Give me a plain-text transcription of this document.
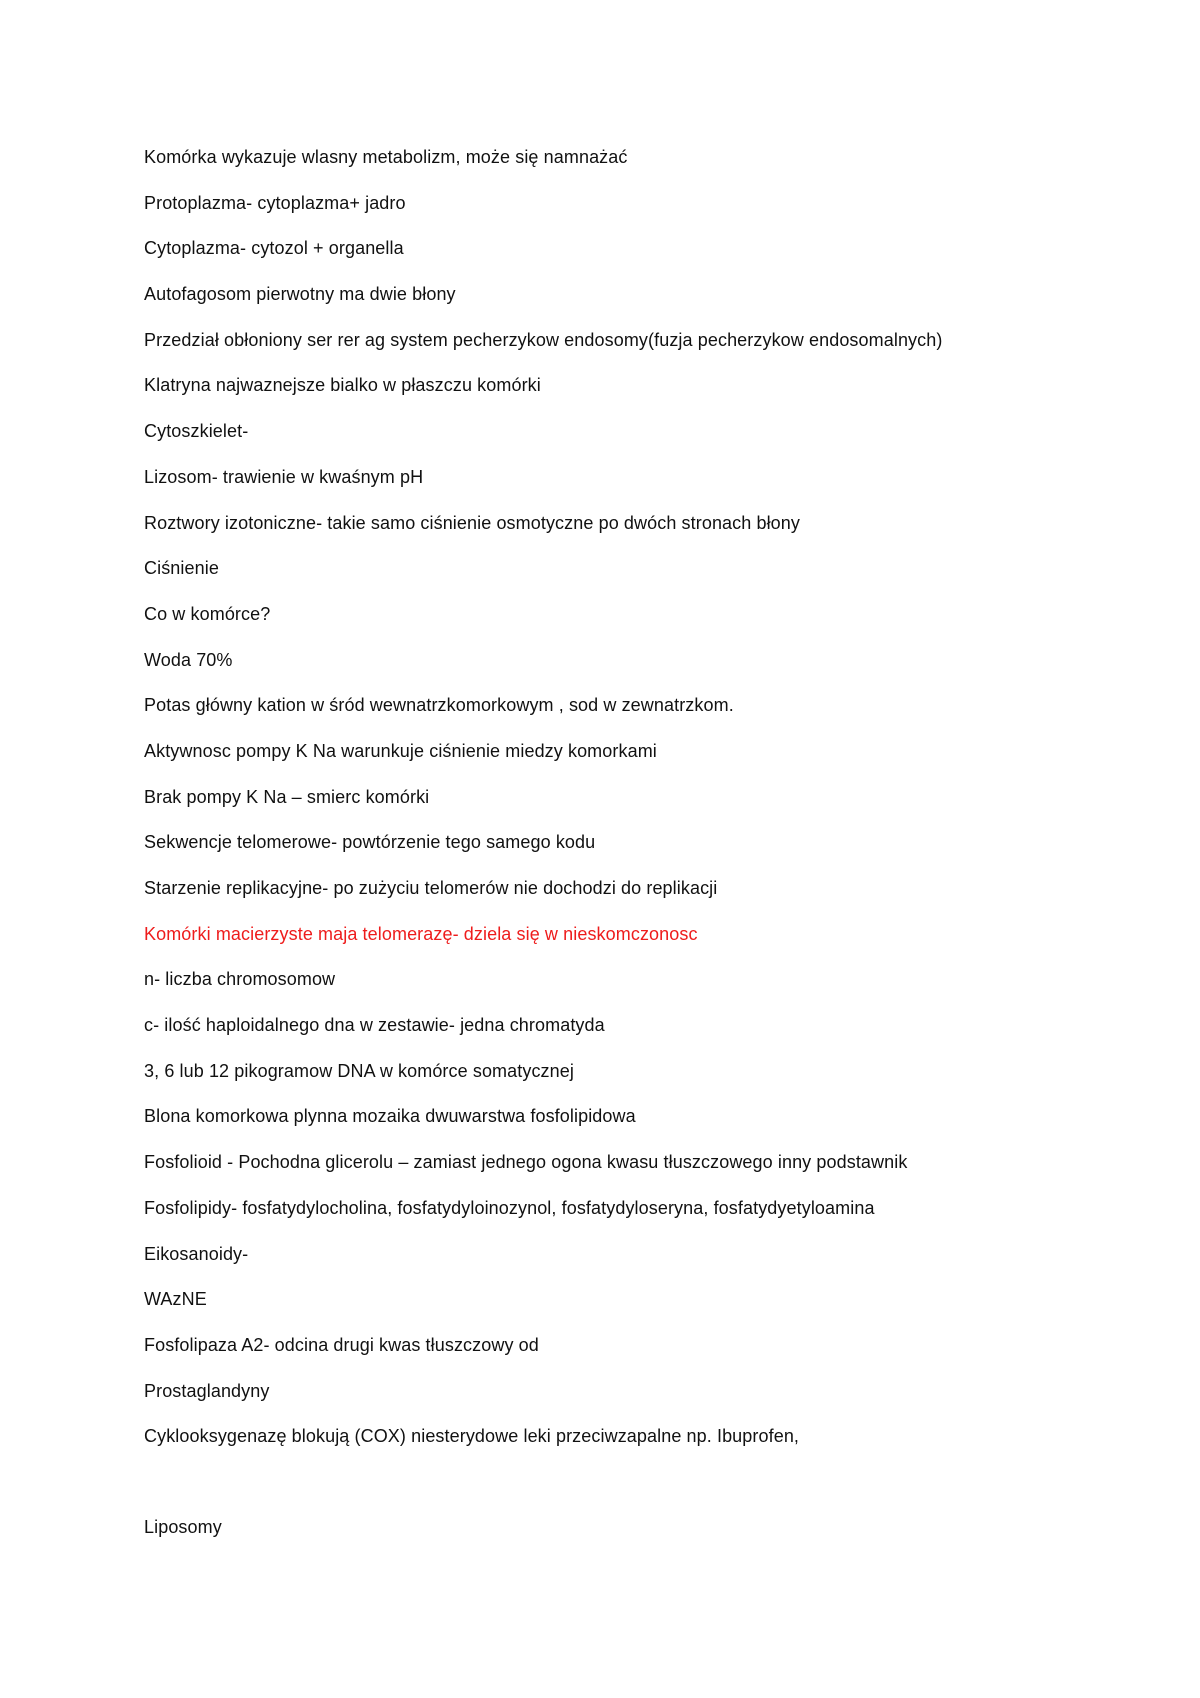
Komórka wykazuje wlasny metabolizm, może się namnażać
Protoplazma- cytoplazma+ jadro
Cytoplazma- cytozol + organella
Autofagosom pierwotny ma dwie błony
Przedział obłoniony ser rer ag system pecherzykow endosomy(fuzja pecherzykow endosomalnych)
Klatryna najwaznejsze bialko w płaszczu komórki
Cytoszkielet-
Lizosom- trawienie w kwaśnym pH
Roztwory izotoniczne- takie samo ciśnienie osmotyczne po dwóch stronach błony
Ciśnienie
Co w komórce?
Woda 70%
Potas główny kation w śród wewnatrzkomorkowym , sod w zewnatrzkom.
Aktywnosc pompy K Na warunkuje ciśnienie miedzy komorkami
Brak pompy K Na – smierc komórki
Sekwencje telomerowe- powtórzenie tego samego kodu
Starzenie replikacyjne- po zużyciu telomerów nie dochodzi do replikacji
Komórki macierzyste maja telomerazę- dziela się w nieskomczonosc
n- liczba chromosomow
c- ilość haploidalnego dna w zestawie- jedna chromatyda
3, 6 lub 12 pikogramow DNA w komórce somatycznej
Blona komorkowa plynna mozaika dwuwarstwa fosfolipidowa
Fosfolioid - Pochodna glicerolu – zamiast jednego ogona kwasu tłuszczowego inny podstawnik
Fosfolipidy- fosfatydylocholina, fosfatydyloinozynol, fosfatydyloseryna, fosfatydyetyloamina
Eikosanoidy-
WAzNE
Fosfolipaza A2- odcina drugi kwas tłuszczowy od
Prostaglandyny
Cyklooksygenazę blokują (COX) niesterydowe leki przeciwzapalne np. Ibuprofen,
Liposomy
